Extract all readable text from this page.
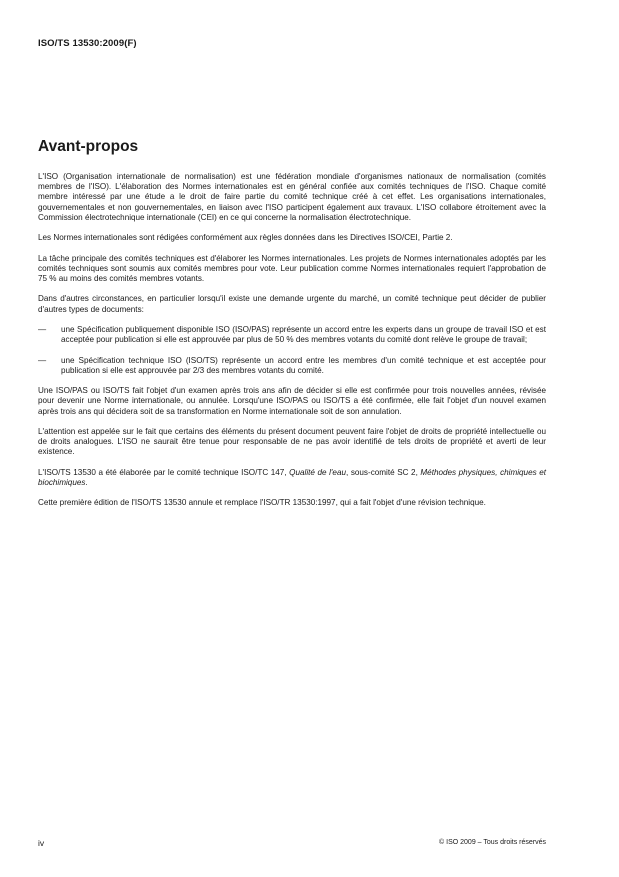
ISO/TS 13530:2009(F)
Avant-propos

L'ISO (Organisation internationale de normalisation) est une fédération mondiale d'organismes nationaux de normalisation (comités membres de l'ISO). L'élaboration des Normes internationales est en général confiée aux comités techniques de l'ISO. Chaque comité membre intéressé par une étude a le droit de faire partie du comité technique créé à cet effet. Les organisations internationales, gouvernementales et non gouvernementales, en liaison avec l'ISO participent également aux travaux. L'ISO collabore étroitement avec la Commission électrotechnique internationale (CEI) en ce qui concerne la normalisation électrotechnique.

Les Normes internationales sont rédigées conformément aux règles données dans les Directives ISO/CEI, Partie 2.

La tâche principale des comités techniques est d'élaborer les Normes internationales. Les projets de Normes internationales adoptés par les comités techniques sont soumis aux comités membres pour vote. Leur publication comme Normes internationales requiert l'approbation de 75 % au moins des comités membres votants.

Dans d'autres circonstances, en particulier lorsqu'il existe une demande urgente du marché, un comité technique peut décider de publier d'autres types de documents:

— une Spécification publiquement disponible ISO (ISO/PAS) représente un accord entre les experts dans un groupe de travail ISO et est acceptée pour publication si elle est approuvée par plus de 50 % des membres votants du comité dont relève le groupe de travail;
— une Spécification technique ISO (ISO/TS) représente un accord entre les membres d'un comité technique et est acceptée pour publication si elle est approuvée par 2/3 des membres votants du comité.

Une ISO/PAS ou ISO/TS fait l'objet d'un examen après trois ans afin de décider si elle est confirmée pour trois nouvelles années, révisée pour devenir une Norme internationale, ou annulée. Lorsqu'une ISO/PAS ou ISO/TS a été confirmée, elle fait l'objet d'un nouvel examen après trois ans qui décidera soit de sa transformation en Norme internationale soit de son annulation.

L'attention est appelée sur le fait que certains des éléments du présent document peuvent faire l'objet de droits de propriété intellectuelle ou de droits analogues. L'ISO ne saurait être tenue pour responsable de ne pas avoir identifié de tels droits de propriété et averti de leur existence.

L'ISO/TS 13530 a été élaborée par le comité technique ISO/TC 147, Qualité de l'eau, sous-comité SC 2, Méthodes physiques, chimiques et biochimiques.

Cette première édition de l'ISO/TS 13530 annule et remplace l'ISO/TR 13530:1997, qui a fait l'objet d'une révision technique.

iv	© ISO 2009 – Tous droits réservés
